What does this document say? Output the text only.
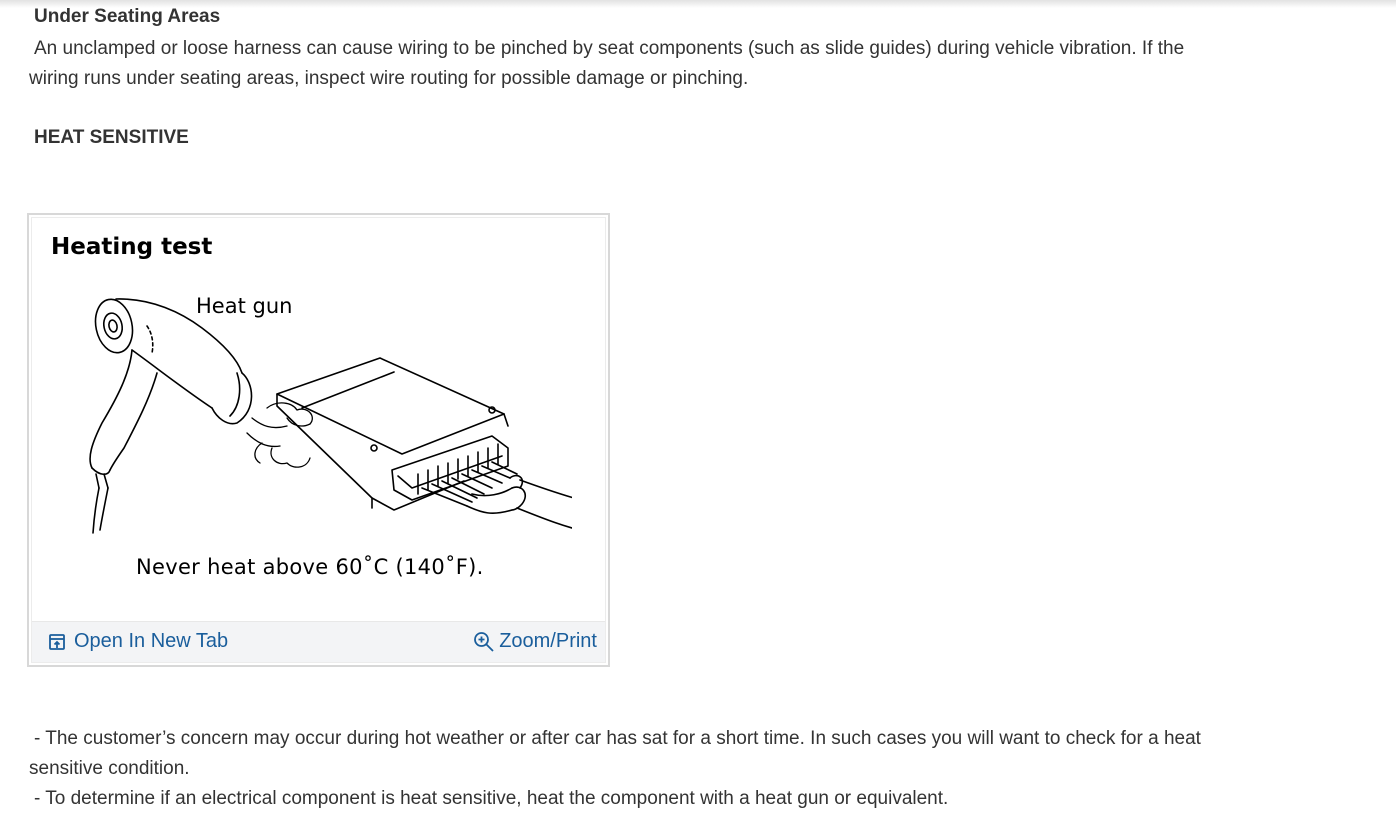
Under Seating Areas

An unclamped or loose harness can cause wiring to be pinched by seat components (such as slide guides) during vehicle vibration. If the wiring runs under seating areas, inspect wire routing for possible damage or pinching.

HEAT SENSITIVE
Heating test
Heat gun
Never heat above 60˚C (140˚F).
Open In New Tab	Zoom/Print

- The customer’s concern may occur during hot weather or after car has sat for a short time. In such cases you will want to check for a heat sensitive condition.

- To determine if an electrical component is heat sensitive, heat the component with a heat gun or equivalent.
